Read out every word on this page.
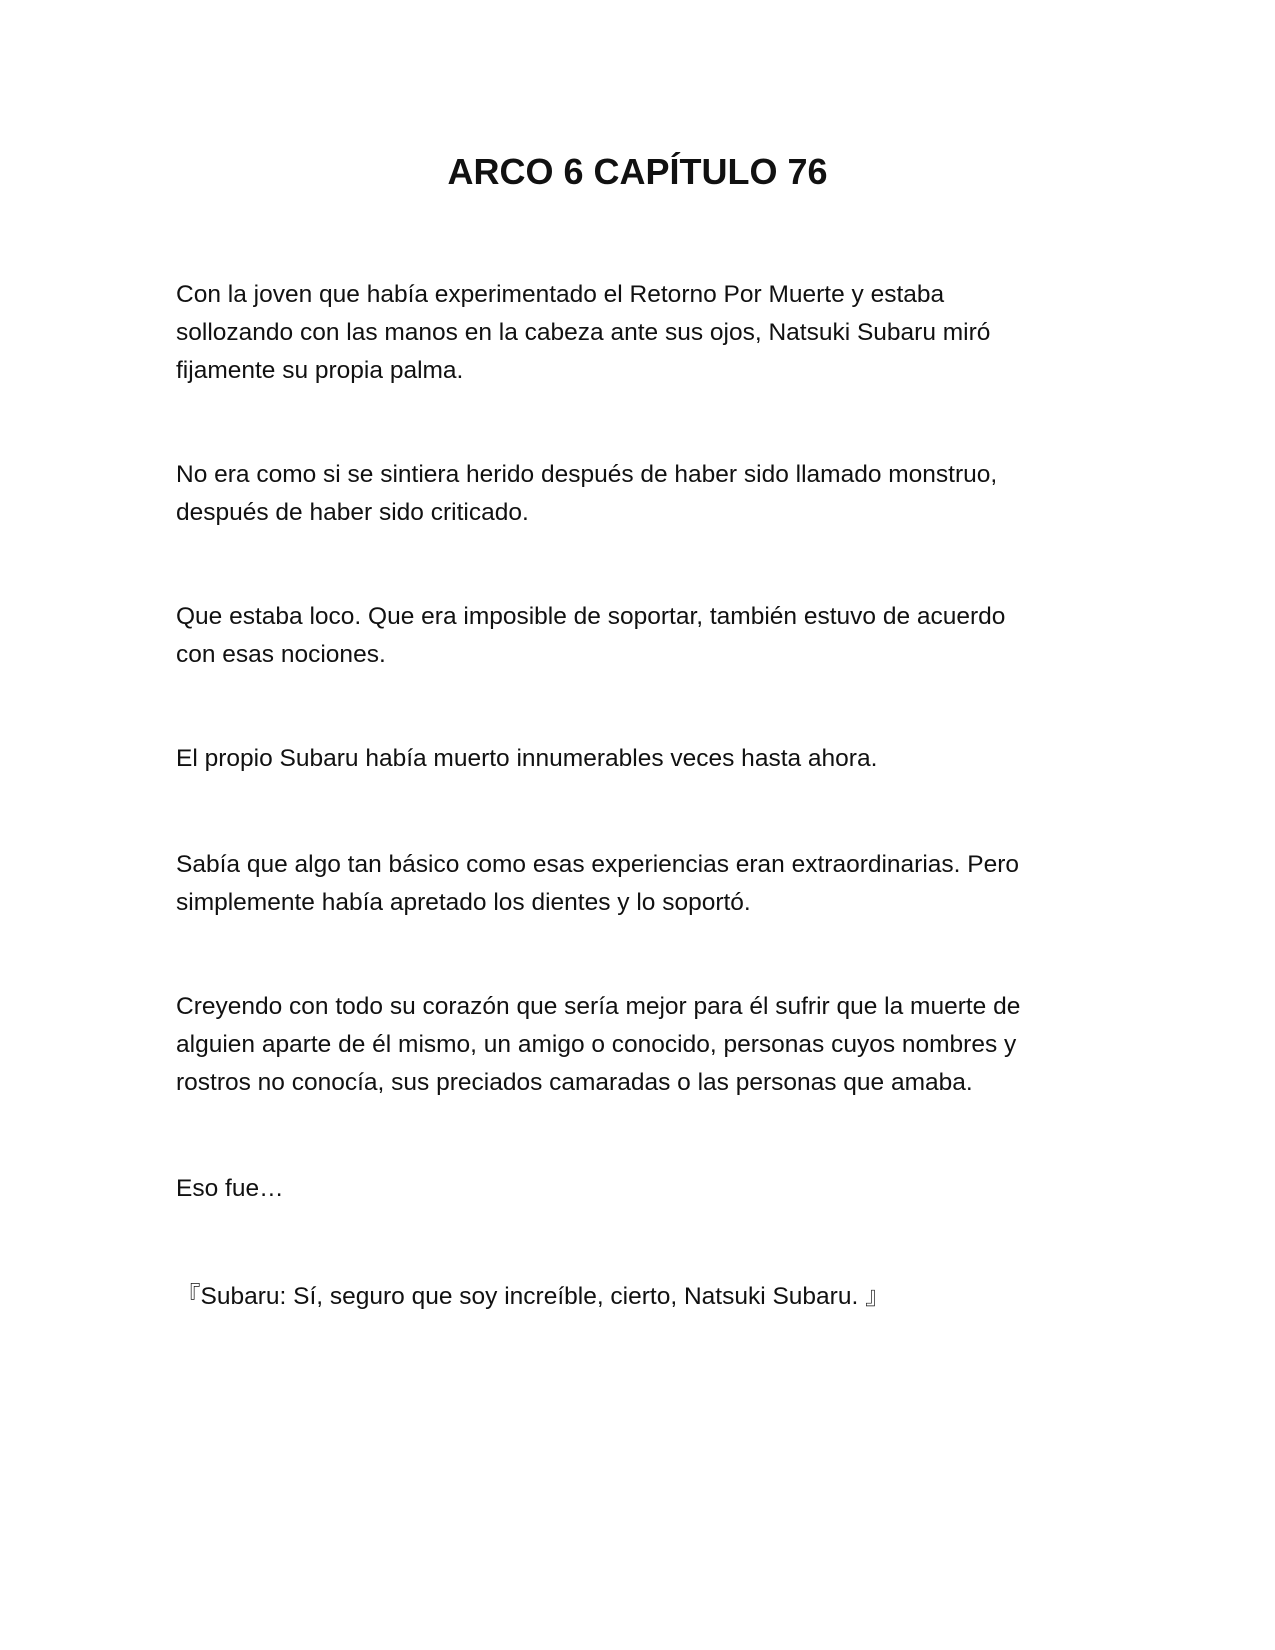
ARCO 6 CAPÍTULO 76

Con la joven que había experimentado el Retorno Por Muerte y estaba
sollozando con las manos en la cabeza ante sus ojos, Natsuki Subaru miró
fijamente su propia palma.

No era como si se sintiera herido después de haber sido llamado monstruo,
después de haber sido criticado.

Que estaba loco. Que era imposible de soportar, también estuvo de acuerdo
con esas nociones.

El propio Subaru había muerto innumerables veces hasta ahora.

Sabía que algo tan básico como esas experiencias eran extraordinarias. Pero
simplemente había apretado los dientes y lo soportó.

Creyendo con todo su corazón que sería mejor para él sufrir que la muerte de
alguien aparte de él mismo, un amigo o conocido, personas cuyos nombres y
rostros no conocía, sus preciados camaradas o las personas que amaba.

Eso fue…

『Subaru: Sí, seguro que soy increíble, cierto, Natsuki Subaru. 』
